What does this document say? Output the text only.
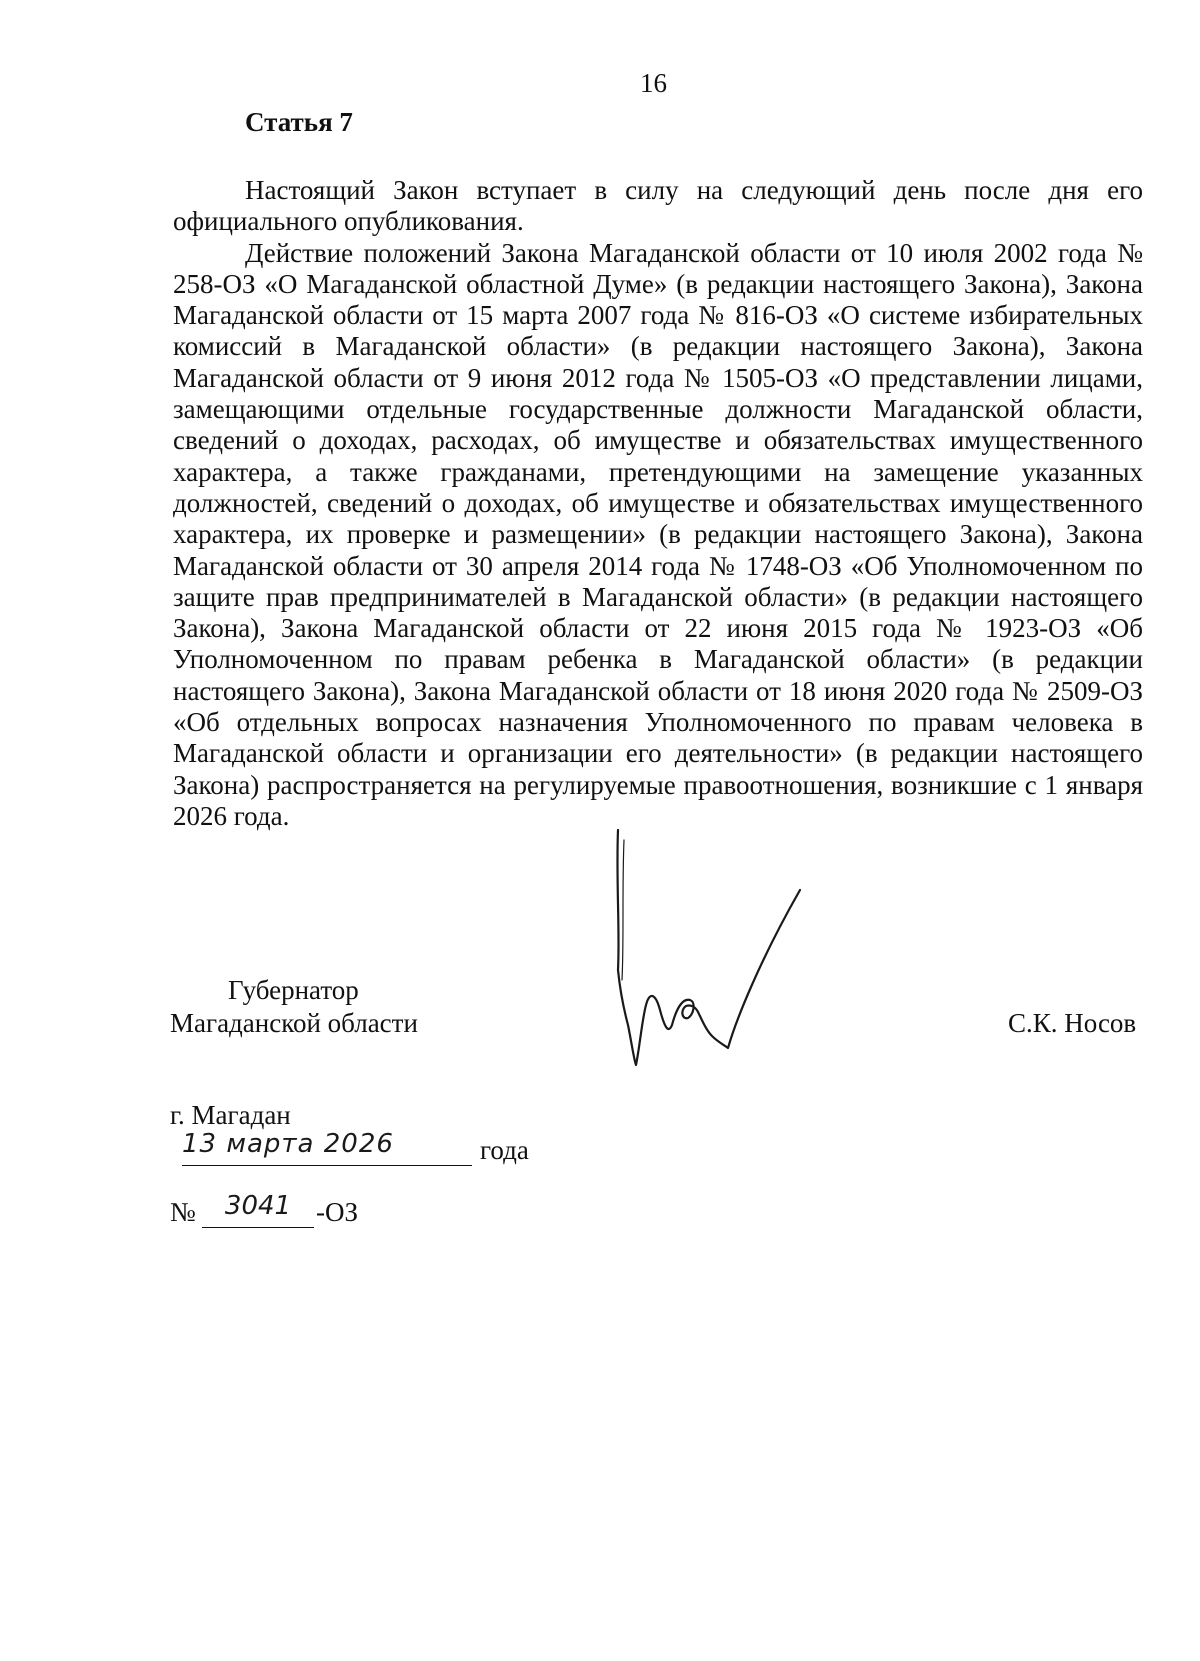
16
Статья 7

Настоящий Закон вступает в силу на следующий день после дня его официального опубликования.

Действие положений Закона Магаданской области от 10 июля 2002 года № 258-ОЗ «О Магаданской областной Думе» (в редакции настоящего Закона), Закона Магаданской области от 15 марта 2007 года № 816-ОЗ «О системе избирательных комиссий в Магаданской области» (в редакции настоящего Закона), Закона Магаданской области от 9 июня 2012 года № 1505-ОЗ «О представлении лицами, замещающими отдельные государственные должности Магаданской области, сведений о доходах, расходах, об имуществе и обязательствах имущественного характера, а также гражданами, претендующими на замещение указанных должностей, сведений о доходах, об имуществе и обязательствах имущественного характера, их проверке и размещении» (в редакции настоящего Закона), Закона Магаданской области от 30 апреля 2014 года № 1748-ОЗ «Об Уполномоченном по защите прав предпринимателей в Магаданской области» (в редакции настоящего Закона), Закона Магаданской области от 22 июня 2015 года № 1923-ОЗ «Об Уполномоченном по правам ребенка в Магаданской области» (в редакции настоящего Закона), Закона Магаданской области от 18 июня 2020 года № 2509-ОЗ «Об отдельных вопросах назначения Уполномоченного по правам человека в Магаданской области и организации его деятельности» (в редакции настоящего Закона) распространяется на регулируемые правоотношения, возникшие с 1 января 2026 года.

Губернатор
Магаданской области	С.К. Носов
г. Магадан
13 марта 2026	года
№	3041 -ОЗ
